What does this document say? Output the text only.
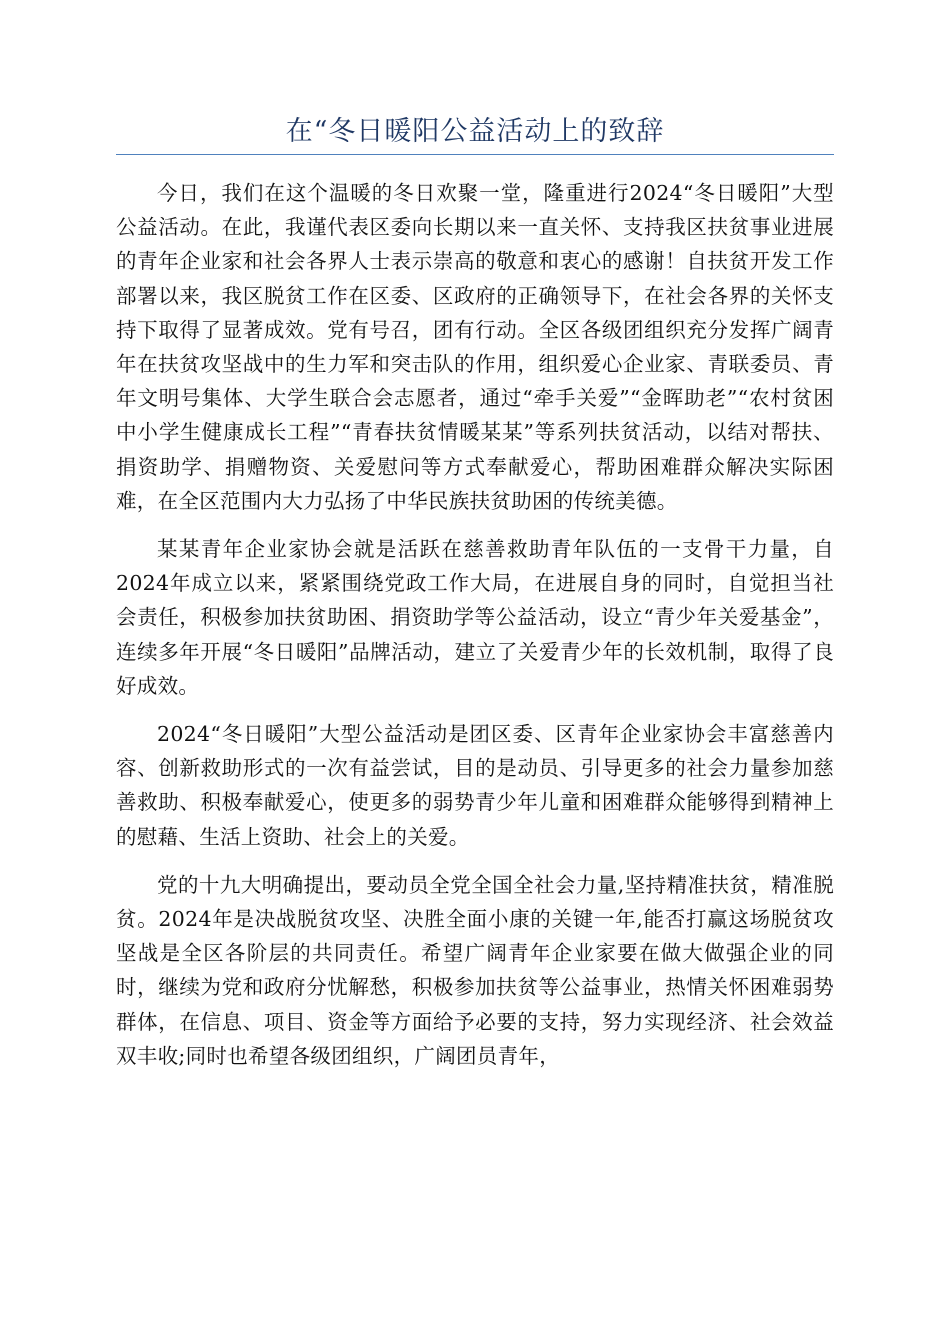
在“冬日暖阳公益活动上的致辞

今日，我们在这个温暖的冬日欢聚一堂，隆重进行2024“冬日暖阳”大型公益活动。在此，我谨代表区委向长期以来一直关怀、支持我区扶贫事业进展的青年企业家和社会各界人士表示崇高的敬意和衷心的感谢！自扶贫开发工作部署以来，我区脱贫工作在区委、区政府的正确领导下，在社会各界的关怀支持下取得了显著成效。党有号召，团有行动。全区各级团组织充分发挥广阔青年在扶贫攻坚战中的生力军和突击队的作用，组织爱心企业家、青联委员、青年文明号集体、大学生联合会志愿者，通过“牵手关爱”“金晖助老”“农村贫困中小学生健康成长工程”“青春扶贫情暖某某”等系列扶贫活动，以结对帮扶、捐资助学、捐赠物资、关爱慰问等方式奉献爱心，帮助困难群众解决实际困难，在全区范围内大力弘扬了中华民族扶贫助困的传统美德。

某某青年企业家协会就是活跃在慈善救助青年队伍的一支骨干力量，自2024年成立以来，紧紧围绕党政工作大局，在进展自身的同时，自觉担当社会责任，积极参加扶贫助困、捐资助学等公益活动，设立“青少年关爱基金”，连续多年开展“冬日暖阳”品牌活动，建立了关爱青少年的长效机制，取得了良好成效。

2024“冬日暖阳”大型公益活动是团区委、区青年企业家协会丰富慈善内容、创新救助形式的一次有益尝试，目的是动员、引导更多的社会力量参加慈善救助、积极奉献爱心，使更多的弱势青少年儿童和困难群众能够得到精神上的慰藉、生活上资助、社会上的关爱。

党的十九大明确提出，要动员全党全国全社会力量,坚持精准扶贫，精准脱贫。2024年是决战脱贫攻坚、决胜全面小康的关键一年,能否打赢这场脱贫攻坚战是全区各阶层的共同责任。希望广阔青年企业家要在做大做强企业的同时，继续为党和政府分忧解愁，积极参加扶贫等公益事业，热情关怀困难弱势群体，在信息、项目、资金等方面给予必要的支持，努力实现经济、社会效益双丰收;同时也希望各级团组织，广阔团员青年，
